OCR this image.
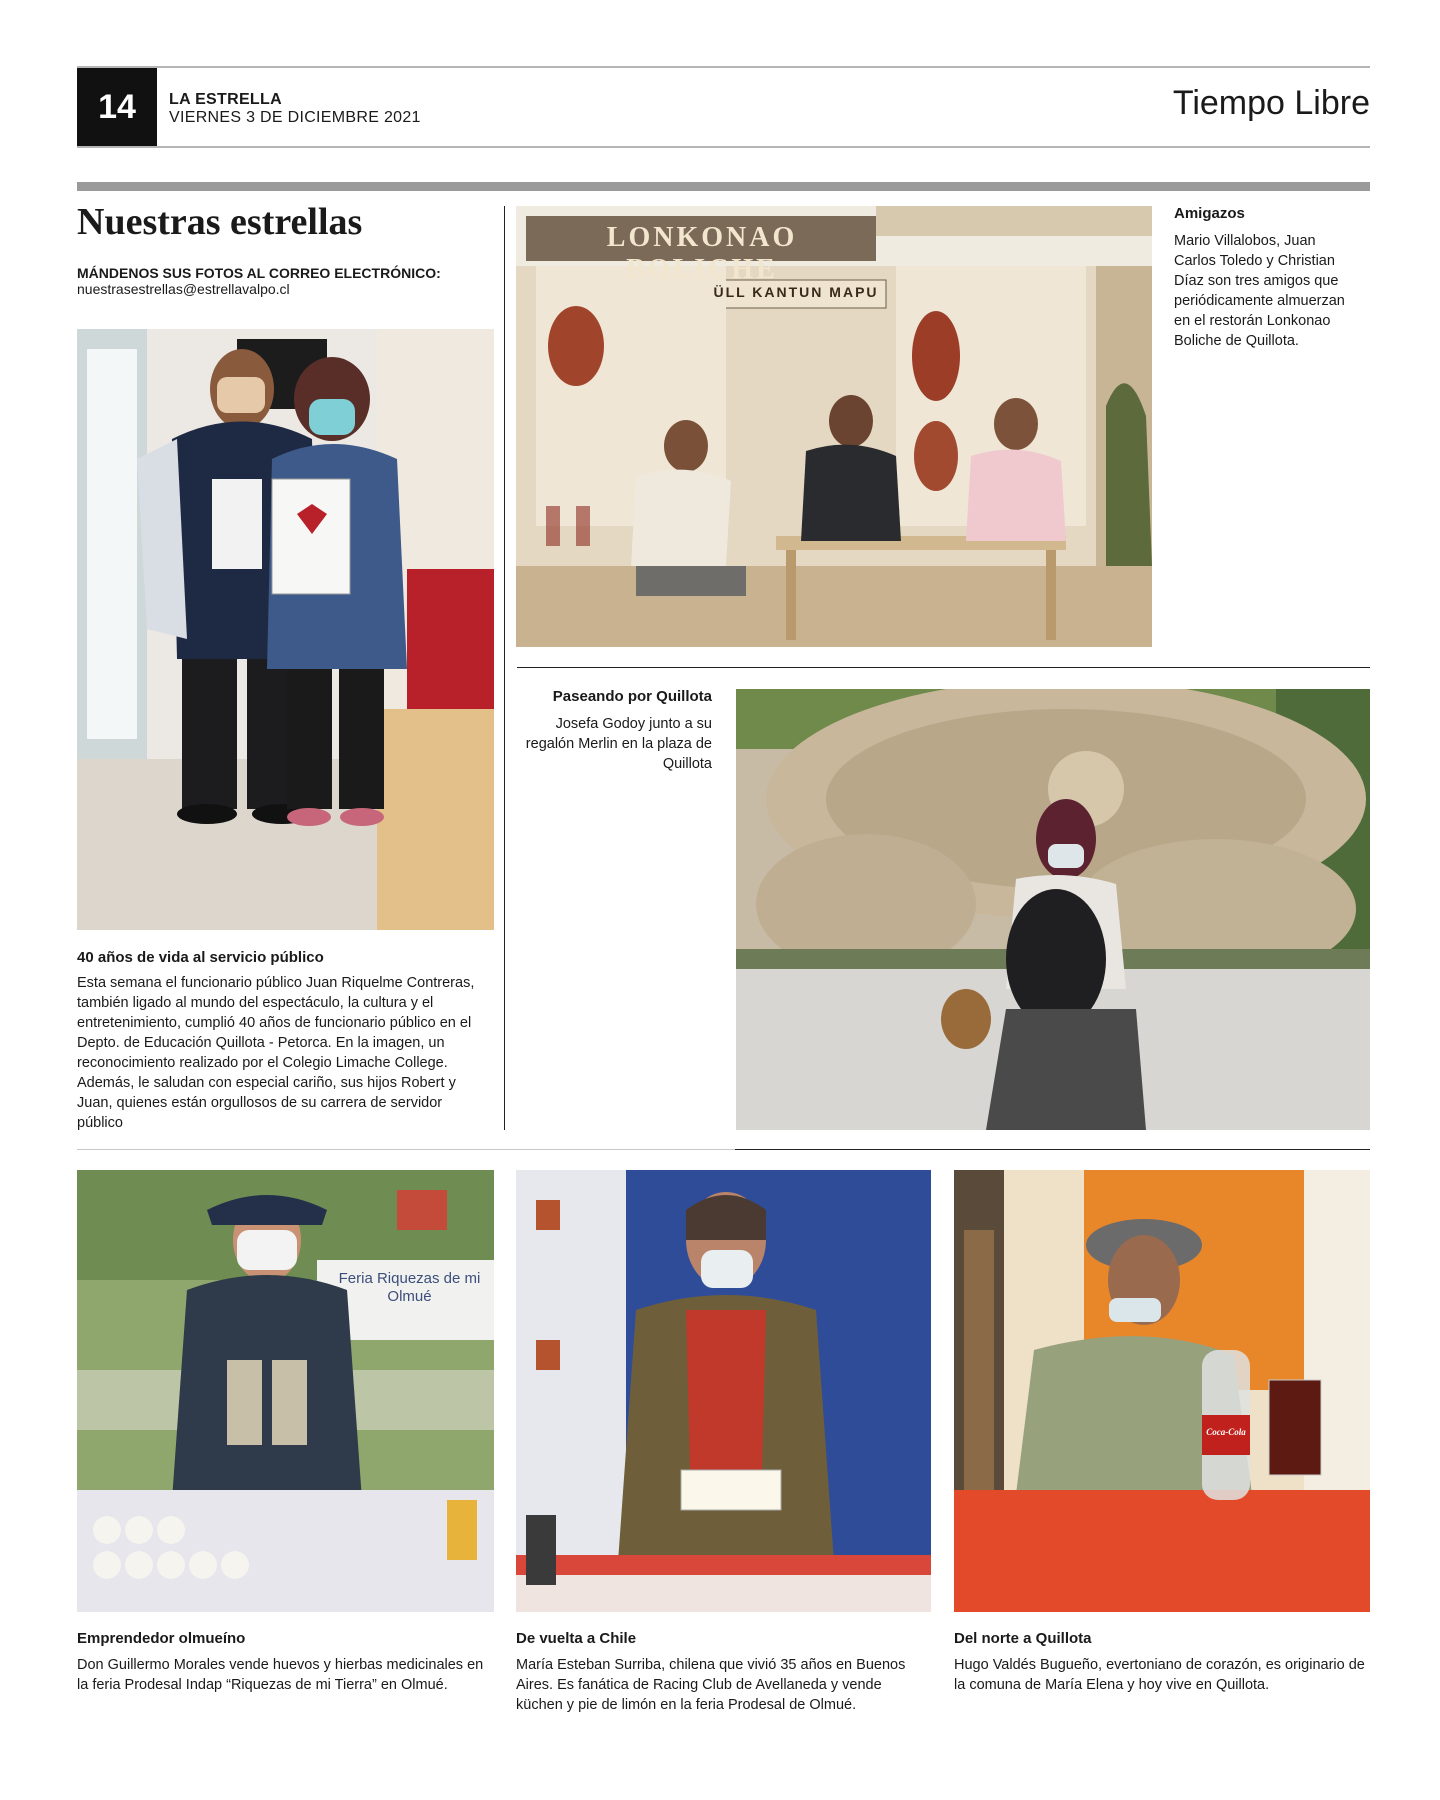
14	LA ESTRELLA
VIERNES 3 DE DICIEMBRE 2021	Tiempo Libre
Nuestras estrellas
MÁNDENOS SUS FOTOS AL CORREO ELECTRÓNICO:
nuestrasestrellas@estrellavalpo.cl
40 años de vida al servicio público
Esta semana el funcionario público Juan Riquelme Contreras, también ligado al mundo del espectáculo, la cultura y el entretenimiento, cumplió 40 años de funcionario público en el Depto. de Educación Quillota - Petorca. En la imagen, un reconocimiento realizado por el Colegio Limache College. Además, le saludan con especial cariño, sus hijos Robert y Juan, quienes están orgullosos de su carrera de servidor público
LONKONAO BOLICHE
ÜLL KANTUN MAPU
Amigazos
Mario Villalobos, Juan Carlos Toledo y Christian Díaz son tres amigos que periódicamente almuerzan en el restorán Lonkonao Boliche de Quillota.
Paseando por Quillota
Josefa Godoy junto a su regalón Merlin en la plaza de Quillota
Feria Riquezas de mi
Olmué
Emprendedor olmueíno
Don Guillermo Morales vende huevos y hierbas medicinales en la feria Prodesal Indap “Riquezas de mi Tierra” en Olmué.
De vuelta a Chile
María Esteban Surriba, chilena que vivió 35 años en Buenos Aires. Es fanática de Racing Club de Avellaneda y vende küchen y pie de limón en la feria Prodesal de Olmué.
Coca-Cola
Del norte a Quillota
Hugo Valdés Bugueño, evertoniano de corazón, es originario de la comuna de María Elena y hoy vive en Quillota.
